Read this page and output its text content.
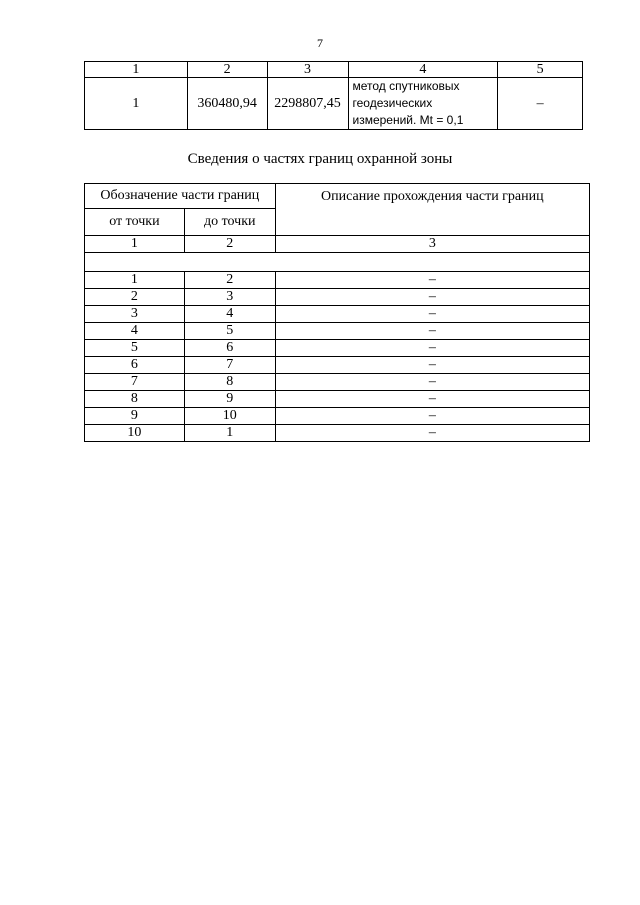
7
1	2	3	4	5
1	360480,94	2298807,45	метод спутниковых
геодезических
измерений. Mt = 0,1	–
Сведения о частях границ охранной зоны
Обозначение части границ		Описание прохождения части границ
от точки	до точки	
1	2	3

1	2	–
2	3	–
3	4	–
4	5	–
5	6	–
6	7	–
7	8	–
8	9	–
9	10	–
10	1	–
